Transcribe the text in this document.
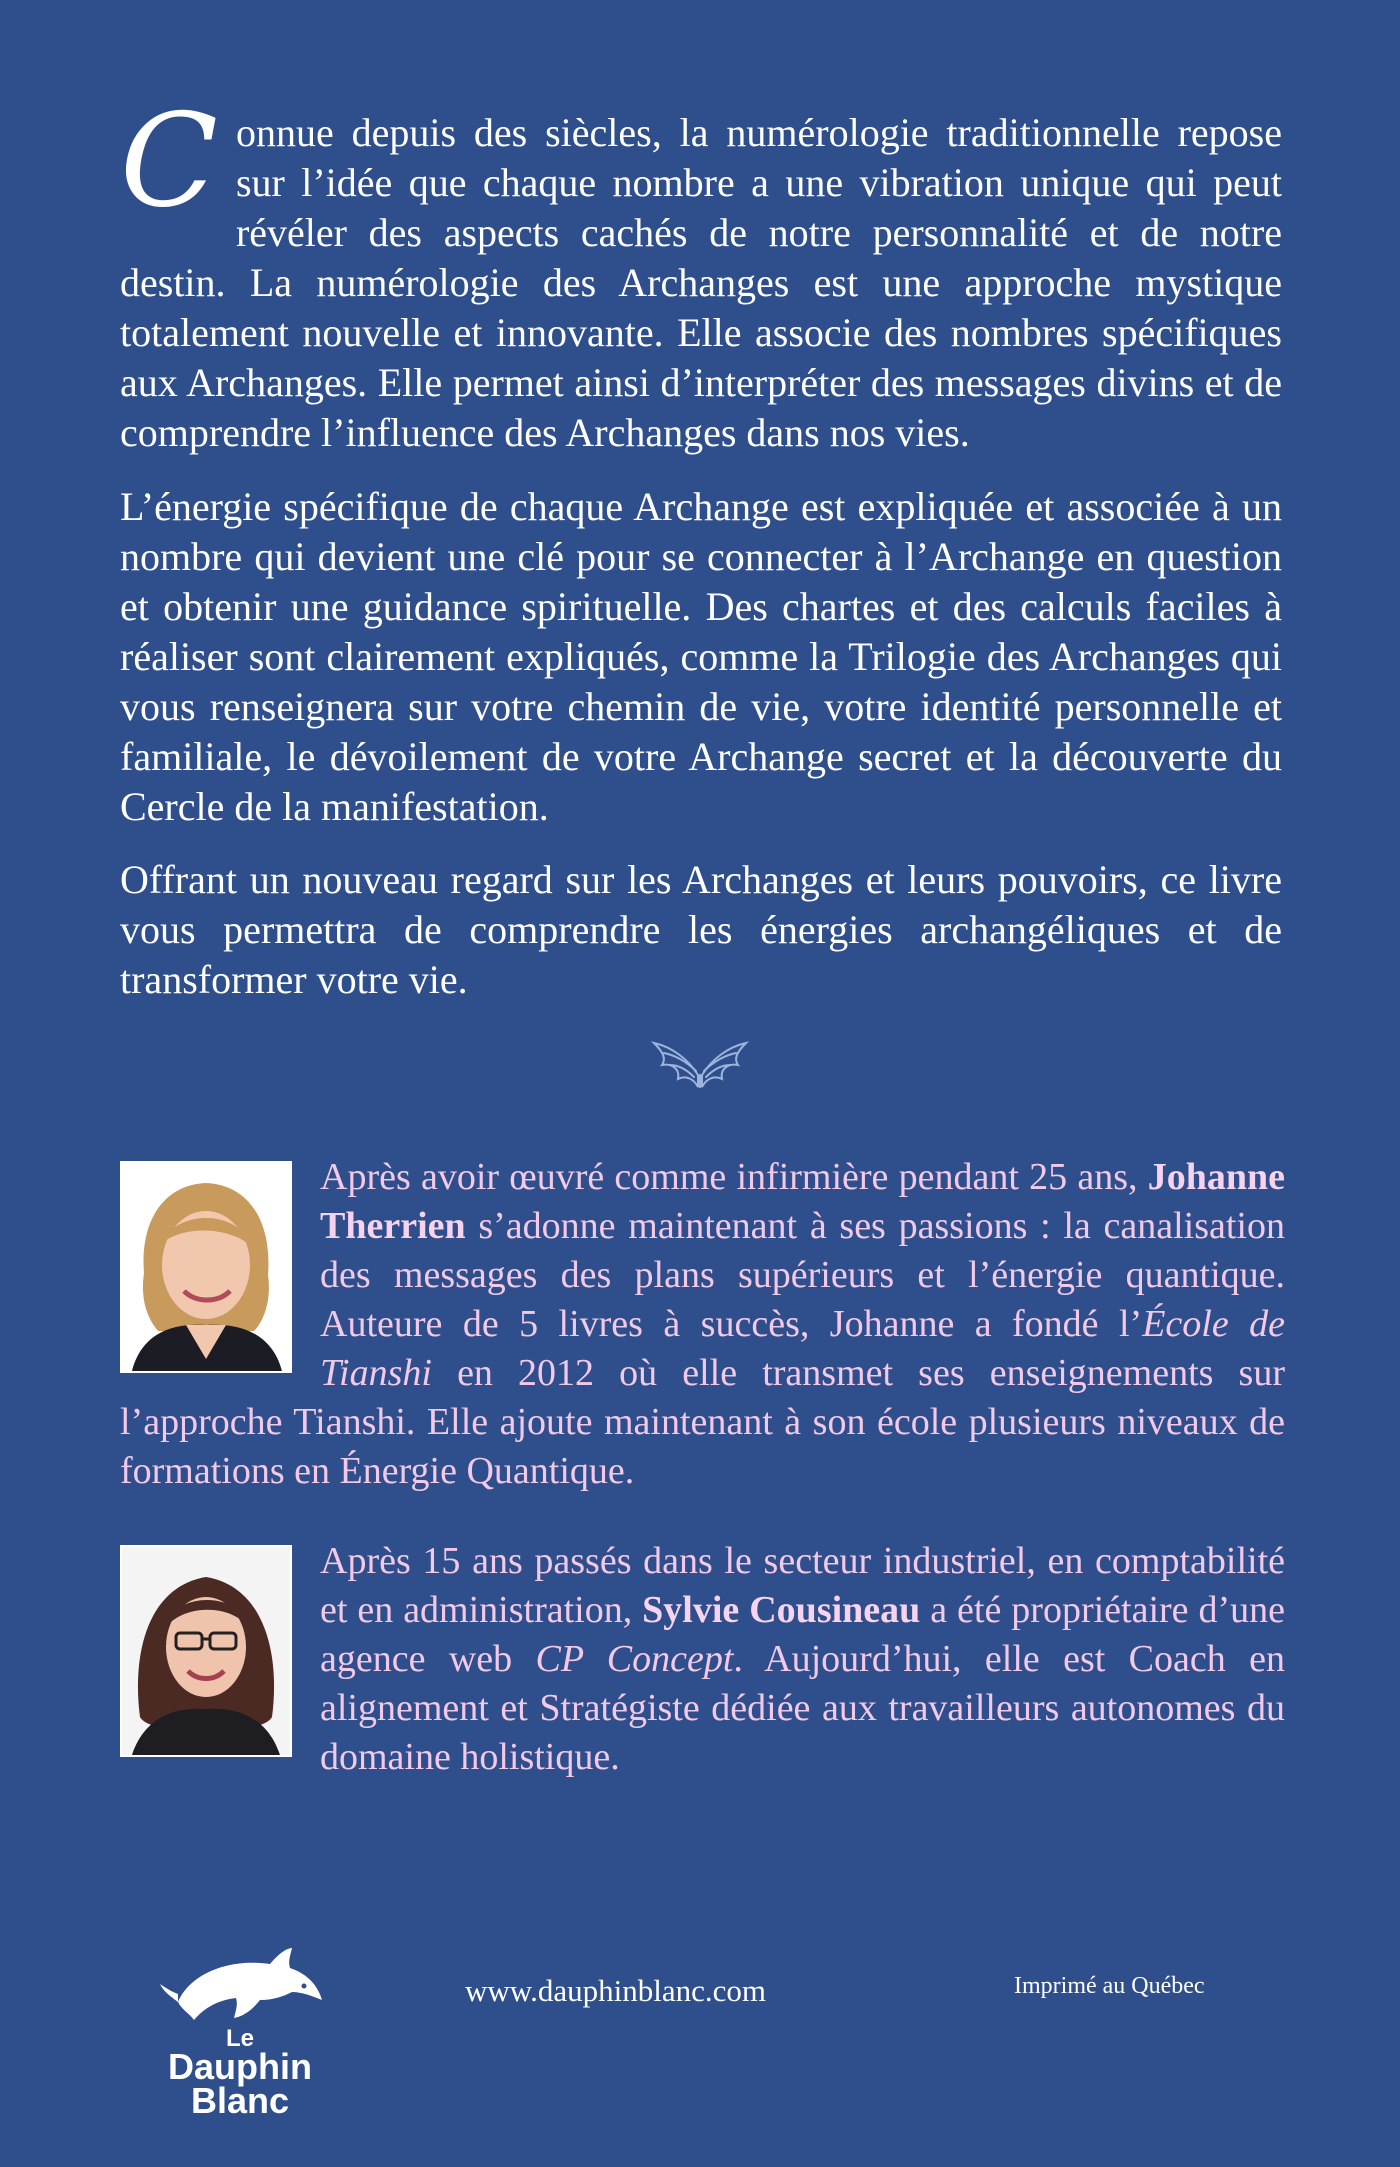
Connue depuis des siècles, la numérologie traditionnelle repose sur l’idée que chaque nombre a une vibration unique qui peut révéler des aspects cachés de notre personnalité et de notre destin. La numérologie des Archanges est une approche mystique totalement nouvelle et innovante. Elle associe des nombres spécifiques aux Archanges. Elle permet ainsi d’interpréter des messages divins et de comprendre l’influence des Archanges dans nos vies.

L’énergie spécifique de chaque Archange est expliquée et associée à un nombre qui devient une clé pour se connecter à l’Archange en question et obtenir une guidance spirituelle. Des chartes et des calculs faciles à réaliser sont clairement expliqués, comme la Trilogie des Archanges qui vous renseignera sur votre chemin de vie, votre identité personnelle et familiale, le dévoilement de votre Archange secret et la découverte du Cercle de la manifestation.

Offrant un nouveau regard sur les Archanges et leurs pouvoirs, ce livre vous permettra de comprendre les énergies archangéliques et de transformer votre vie.

Après avoir œuvré comme infirmière pendant 25 ans, Johanne Therrien s’adonne maintenant à ses passions : la canalisation des messages des plans supérieurs et l’énergie quantique. Auteure de 5 livres à succès, Johanne a fondé l’École de Tianshi en 2012 où elle transmet ses enseignements sur l’approche Tianshi. Elle ajoute maintenant à son école plusieurs niveaux de formations en Énergie Quantique.

Après 15 ans passés dans le secteur industriel, en comptabilité et en administration, Sylvie Cousineau a été propriétaire d’une agence web CP Concept. Aujourd’hui, elle est Coach en alignement et Stratégiste dédiée aux travailleurs autonomes du domaine holistique.

Le
Dauphin
Blanc
www.dauphinblanc.com	Imprimé au Québec
